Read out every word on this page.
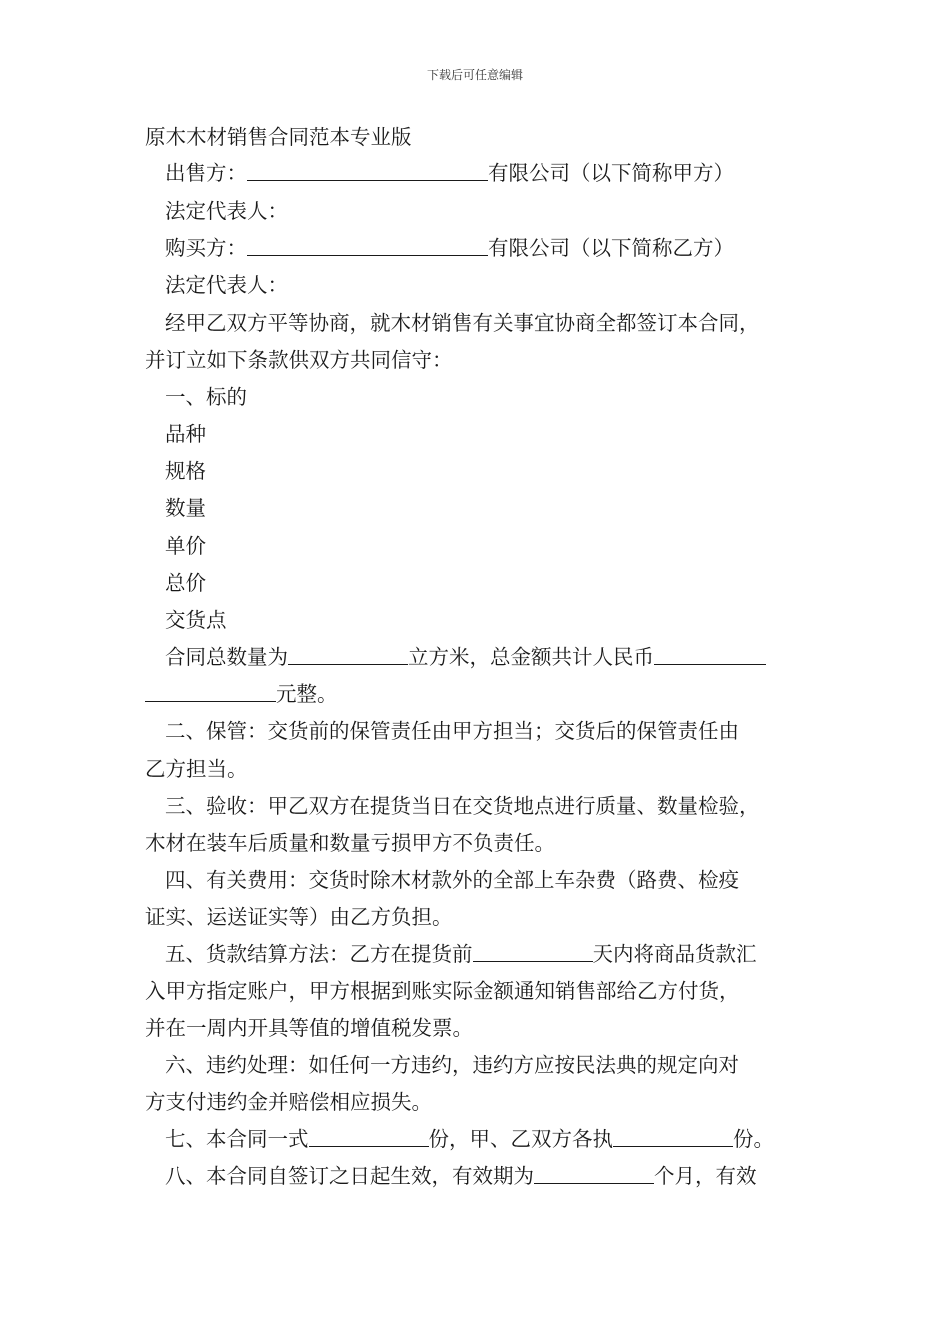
下载后可任意编辑
原木木材销售合同范本专业版
出售方：	有限公司（以下简称甲方）
法定代表人：
购买方：	有限公司（以下简称乙方）
法定代表人：
经甲乙双方平等协商，就木材销售有关事宜协商全都签订本合同，
并订立如下条款供双方共同信守：
一、标的
品种
规格
数量
单价
总价
交货点
合同总数量为	立方米，总金额共计人民币
元整。
二、保管：交货前的保管责任由甲方担当；交货后的保管责任由
乙方担当。
三、验收：甲乙双方在提货当日在交货地点进行质量、数量检验，
木材在装车后质量和数量亏损甲方不负责任。
四、有关费用：交货时除木材款外的全部上车杂费（路费、检疫
证实、运送证实等）由乙方负担。
五、货款结算方法：乙方在提货前	天内将商品货款汇
入甲方指定账户，甲方根据到账实际金额通知销售部给乙方付货，
并在一周内开具等值的增值税发票。
六、违约处理：如任何一方违约，违约方应按民法典的规定向对
方支付违约金并赔偿相应损失。
七、本合同一式	份，甲、乙双方各执	份。
八、本合同自签订之日起生效，有效期为	个月，有效
